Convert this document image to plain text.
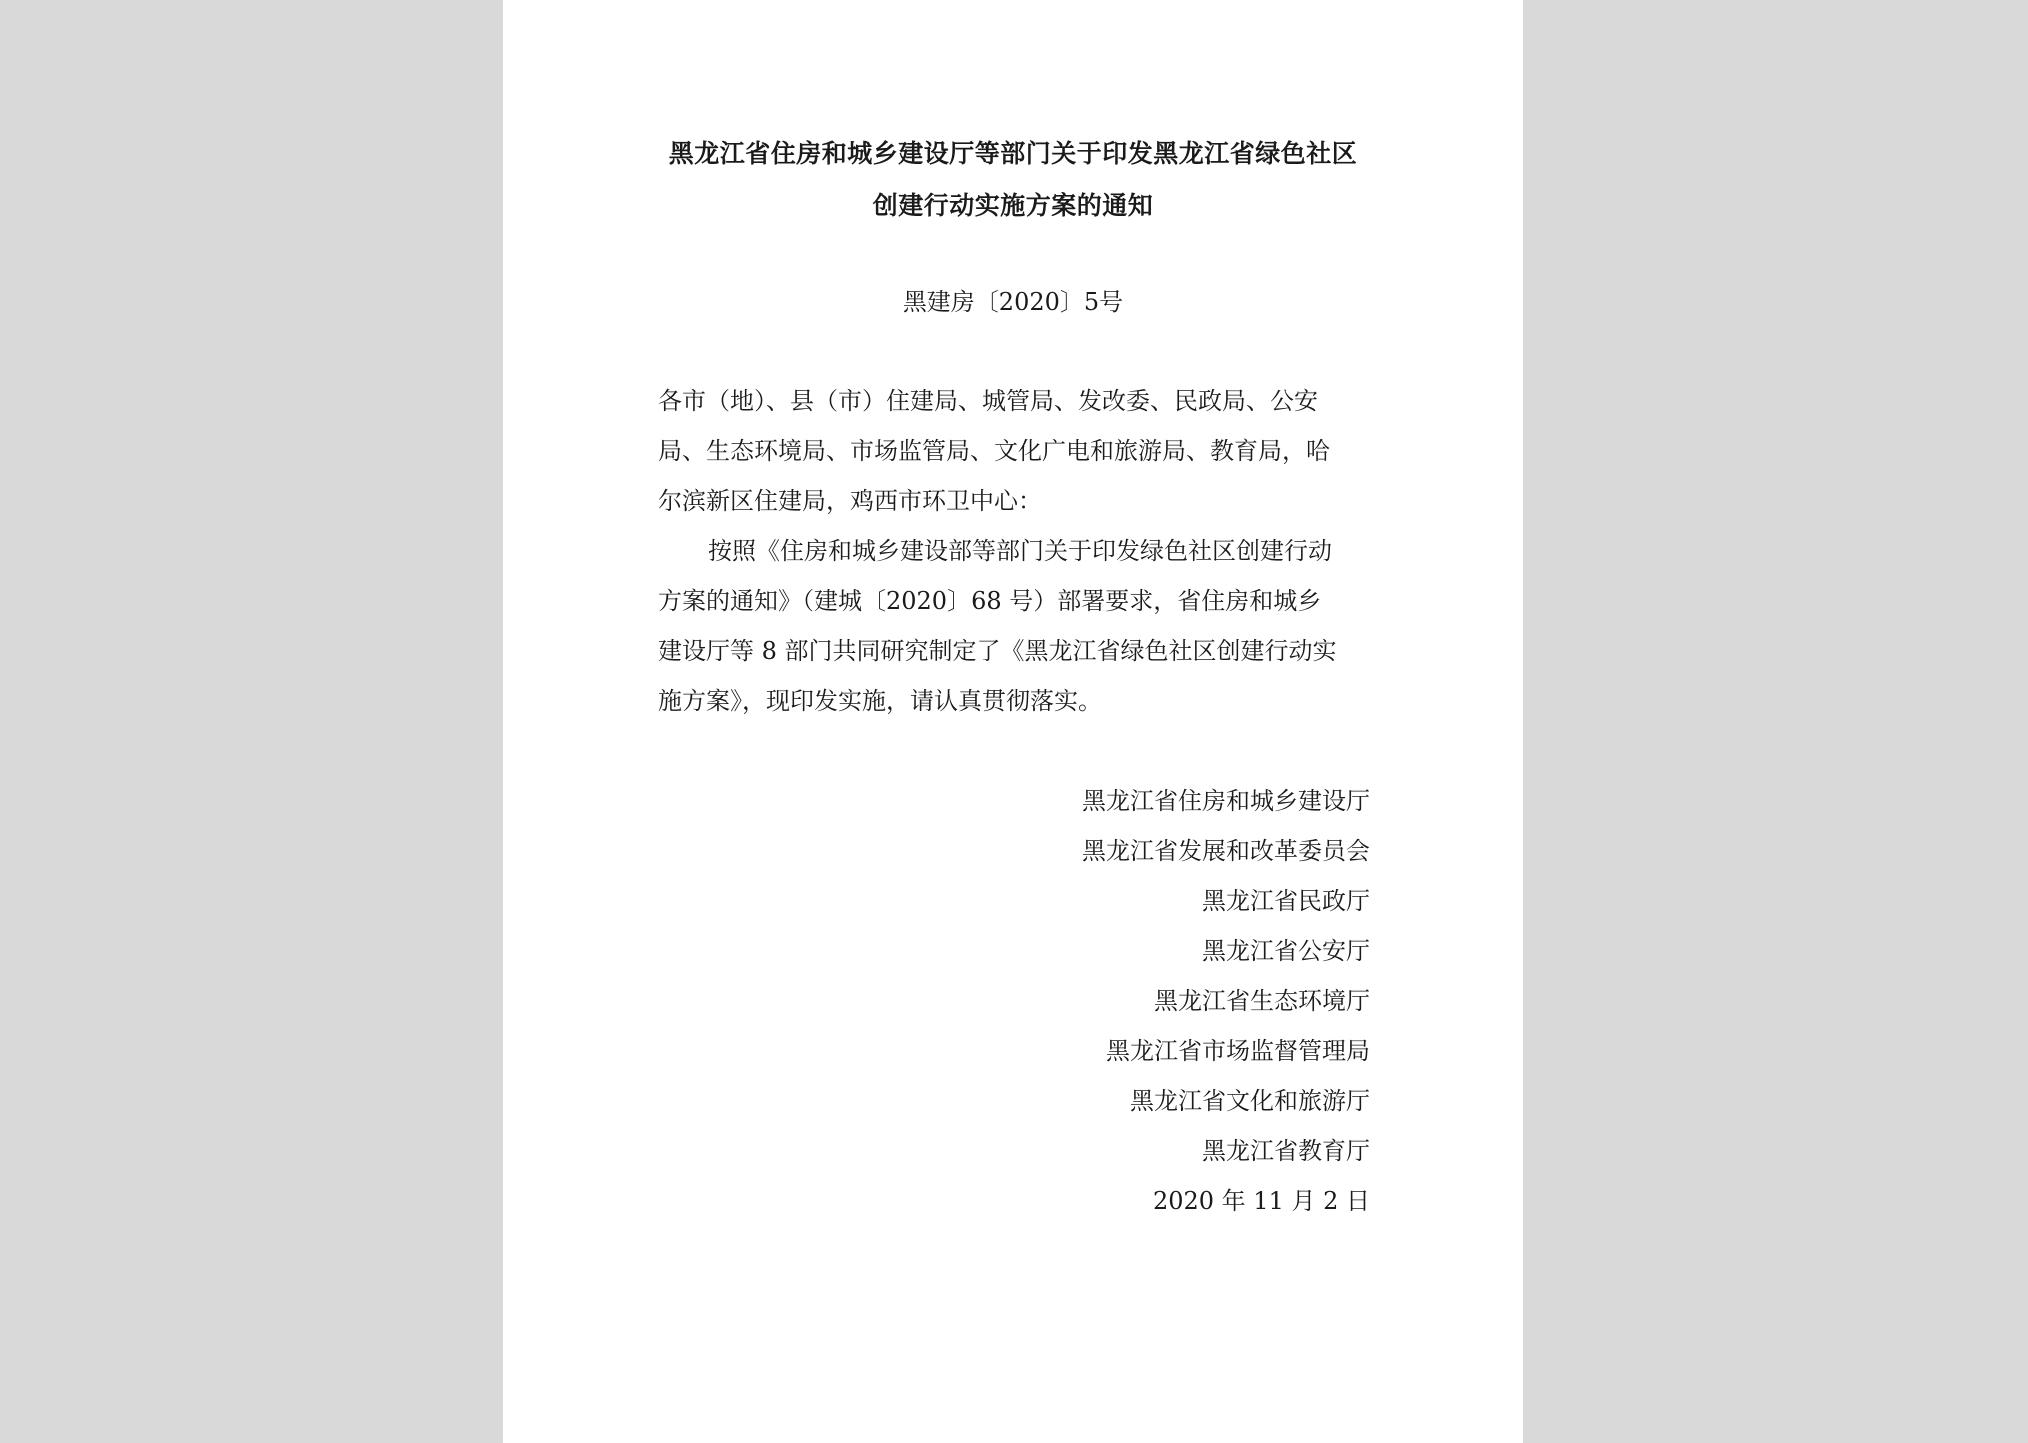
黑龙江省住房和城乡建设厅等部门关于印发黑龙江省绿色社区
创建行动实施方案的通知
黑建房〔2020〕5号
各市（地）、县（市）住建局、城管局、发改委、民政局、公安
局、生态环境局、市场监管局、文化广电和旅游局、教育局，哈
尔滨新区住建局，鸡西市环卫中心：
按照《住房和城乡建设部等部门关于印发绿色社区创建行动
方案的通知》（建城〔2020〕68 号）部署要求，省住房和城乡
建设厅等 8 部门共同研究制定了《黑龙江省绿色社区创建行动实
施方案》，现印发实施，请认真贯彻落实。
黑龙江省住房和城乡建设厅
黑龙江省发展和改革委员会
黑龙江省民政厅
黑龙江省公安厅
黑龙江省生态环境厅
黑龙江省市场监督管理局
黑龙江省文化和旅游厅
黑龙江省教育厅
2020 年 11 月 2 日
